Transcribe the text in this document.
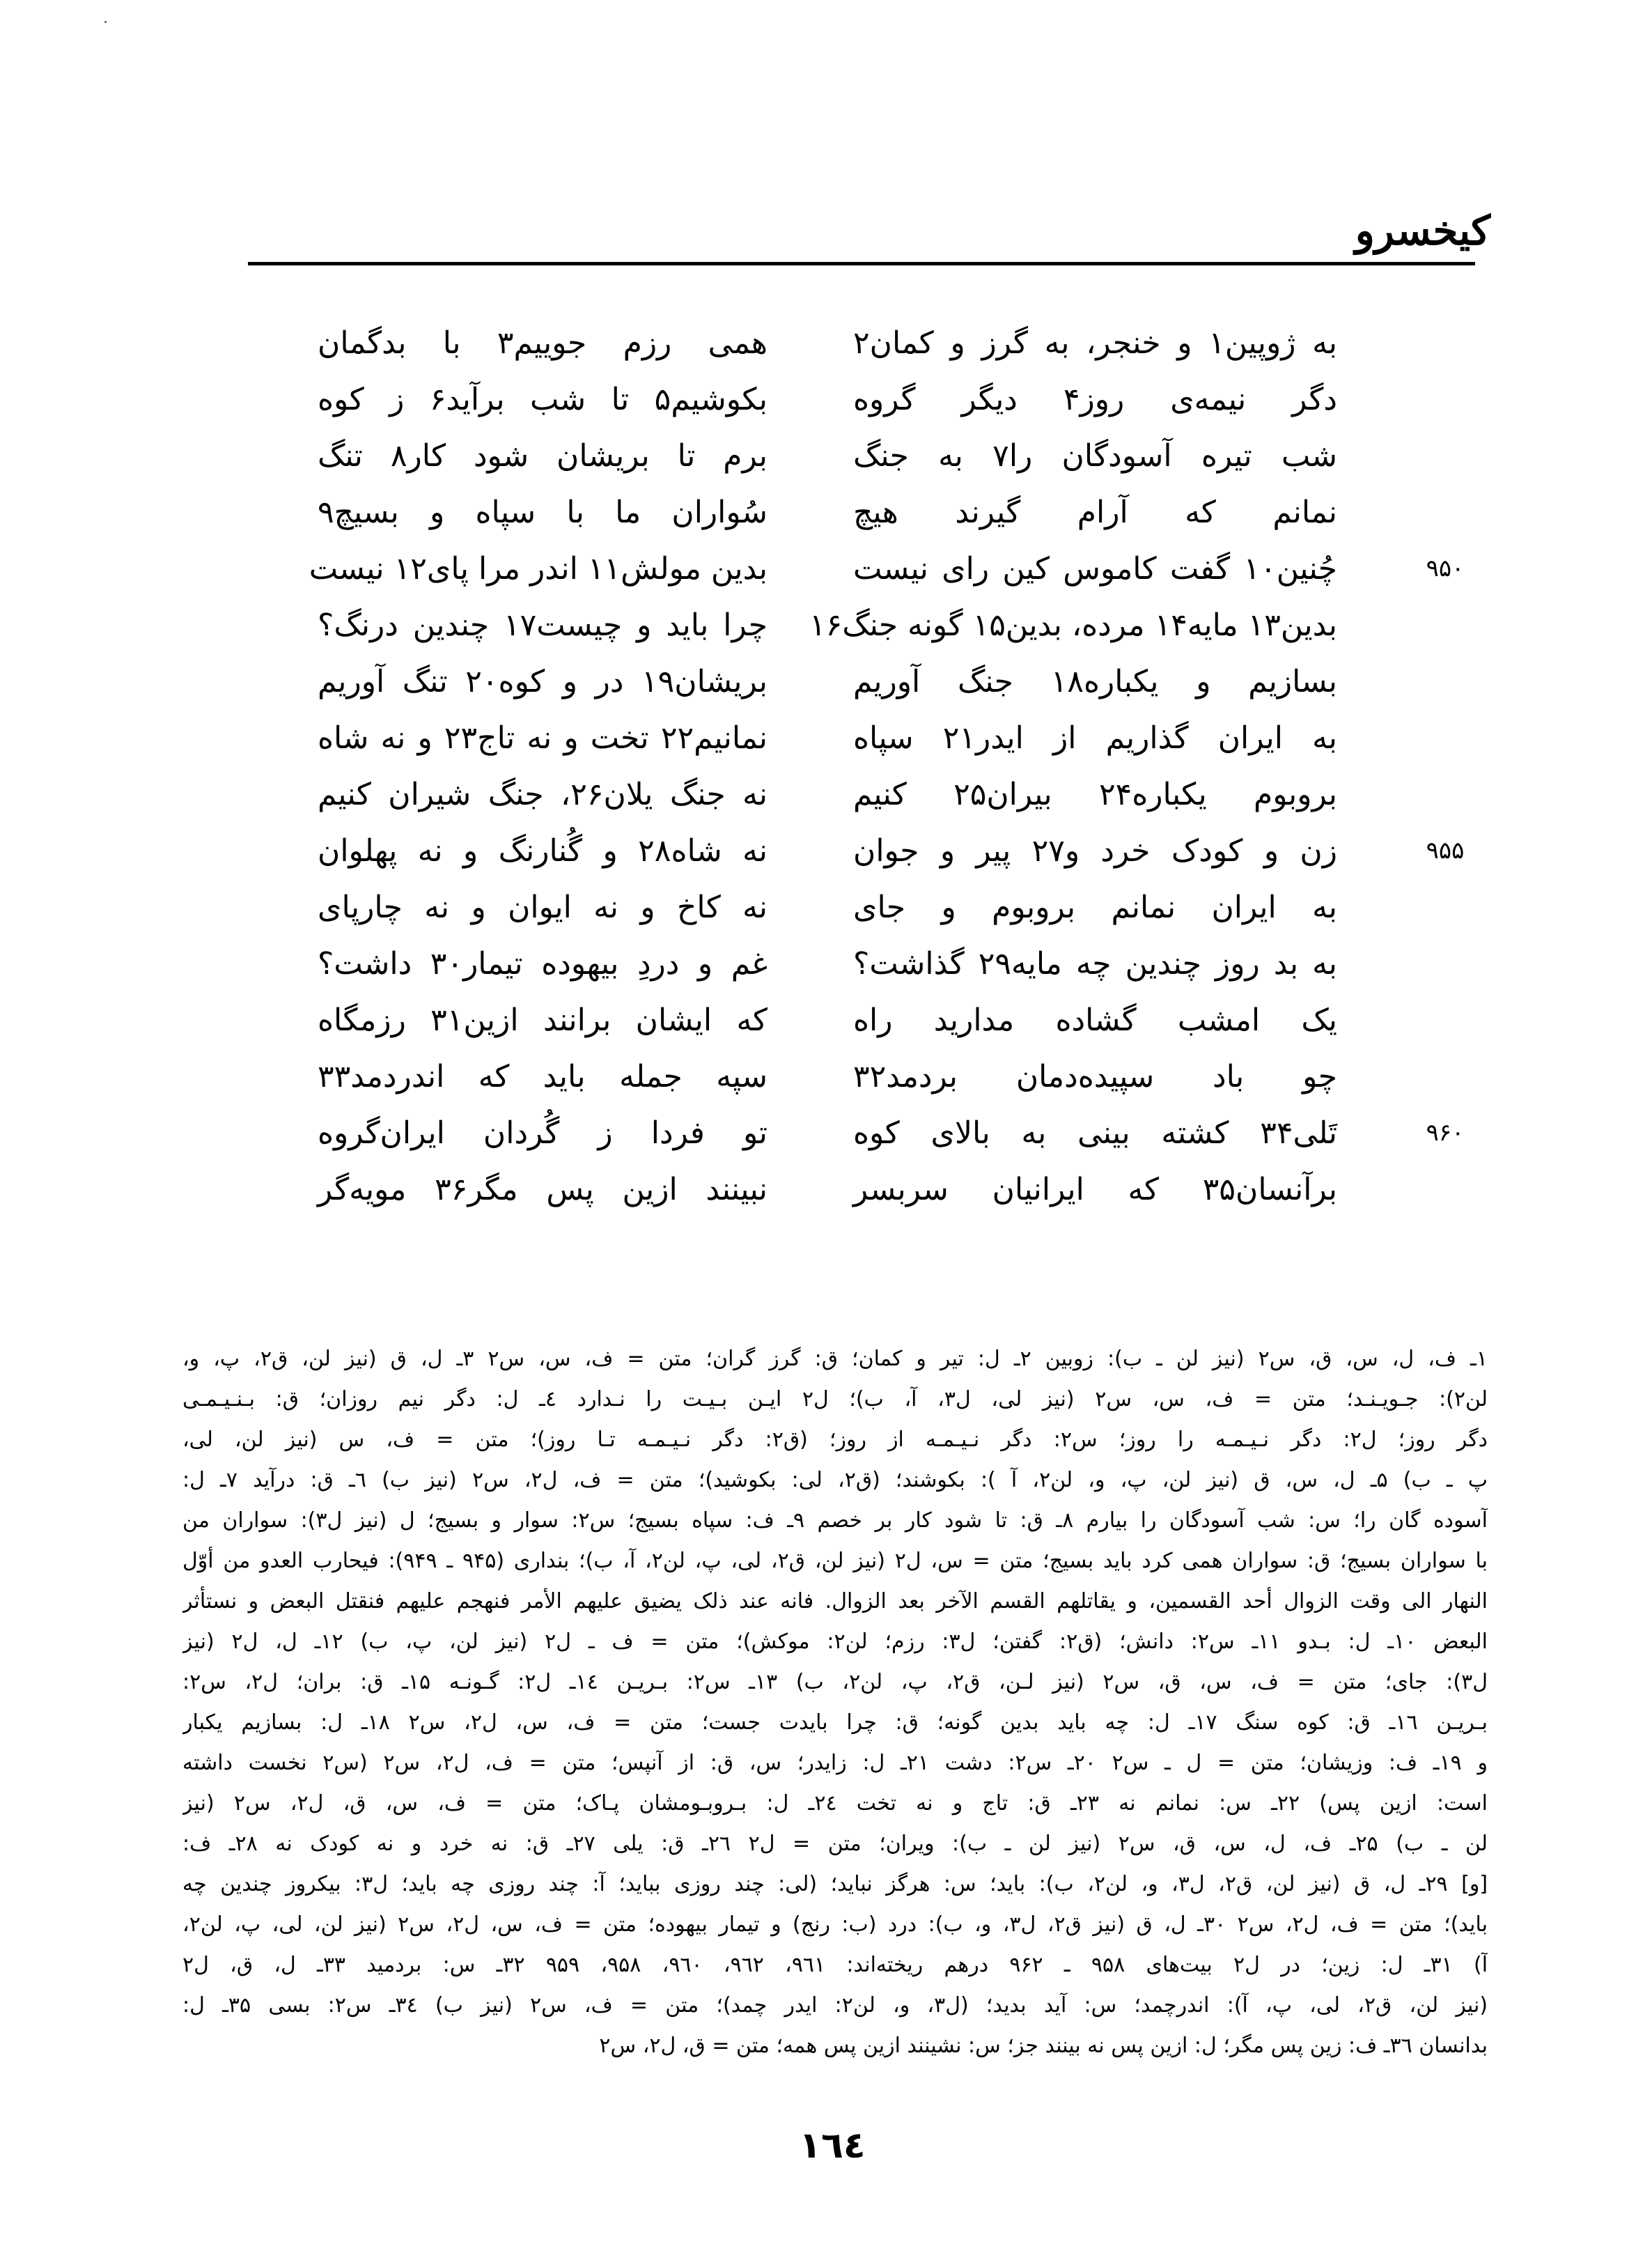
کیخسرو
به ژوپین۱ و خنجر، به گرز و کمان۲
همی رزم جوییم۳ با بدگمان
دگر نیمه‌ی روز۴ دیگر گروه
بکوشیم۵ تا شب برآید۶ ز کوه
شب تیره آسودگان را۷ به جنگ
برم تا بریشان شود کار۸ تنگ
نمانم که آرام گیرند هیچ
سُواران ما با سپاه و بسیچ۹
چُنین۱۰ گفت کاموس کین رای نیست
بدین مولش۱۱ اندر مرا پای۱۲ نیست	۹۵۰
بدین۱۳ مایه۱۴ مرده، بدین۱۵ گونه جنگ۱۶
چرا باید و چیست۱۷ چندین درنگ؟
بسازیم و یکباره۱۸ جنگ آوریم
بریشان۱۹ در و کوه۲۰ تنگ آوریم
به ایران گذاریم از ایدر۲۱ سپاه
نمانیم۲۲ تخت و نه تاج۲۳ و نه شاه
بروبوم یکباره۲۴ بیران۲۵ کنیم
نه جنگ یلان۲۶، جنگ شیران کنیم
زن و کودک خرد و۲۷ پیر و جوان
نه شاه۲۸ و گُنارنگ و نه پهلوان	۹۵۵
به ایران نمانم بروبوم و جای
نه کاخ و نه ایوان و نه چارپای
به بد روز چندین چه مایه۲۹ گذاشت؟
غم و دردِ بیهوده تیمار۳۰ داشت؟
یک امشب گشاده مدارید راه
که ایشان برانند ازین۳۱ رزمگاه
چو باد سپیده‌دمان بردمد۳۲
سپه جمله باید که اندردمد۳۳
تَلی۳۴ کشته بینی به بالای کوه
تو فردا ز گُردان ایران‌گروه	۹۶۰
برآنسان۳۵ که ایرانیان سربسر
نبینند ازین پس مگر۳۶ مویه‌گر
۱ـ ف، ل، س، ق، س۲ (نیز لن ـ ب): زوبین ۲ـ ل: تیر و کمان؛ ق: گرز گران؛ متن = ف، س، س۲ ۳ـ ل، ق (نیز لن، ق۲، پ، و،
لن۲): جـویـنـد؛ متن = ف، س، س۲ (نیز لی، ل۳، آ، ب)؛ ل۲ ایـن بـیـت را نـدارد ٤ـ ل: دگر نیم روزان؛ ق: بـنـیـمـی
دگر روز؛ ل۲: دگر نـیـمـه را روز؛ س۲: دگر نـیـمـه از روز؛ (ق۲: دگر نـیـمـه تـا روز)؛ متن = ف، س (نیز لن، لی،
پ ـ ب) ۵ـ ل، س، ق (نیز لن، پ، و، لن۲، آ ): بکوشند؛ (ق۲، لی: بکوشید)؛ متن = ف، ل۲، س۲ (نیز ب) ٦ـ ق: درآید ۷ـ ل:
آسوده گان را؛ س: شب آسودگان را بیارم ۸ـ ق: تا شود کار بر خصم ۹ـ ف: سپاه بسیج؛ س۲: سوار و بسیج؛ ل (نیز ل۳): سواران من
با سواران بسیج؛ ق: سواران همی کرد باید بسیج؛ متن = س، ل۲ (نیز لن، ق۲، لی، پ، لن۲، آ، ب)؛ بنداری (۹۴۵ ـ ۹۴۹): فیحارب العدو من أوّل
النهار الی وقت الزوال أحد القسمین، و یقاتلهم القسم الآخر بعد الزوال. فانه عند ذلک یضیق علیهم الأمر فنهجم علیهم فنقتل البعض و نستأثر
البعض ۱۰ـ ل: بـدو ۱۱ـ س۲: دانش؛ (ق۲: گفتن؛ ل۳: رزم؛ لن۲: موکش)؛ متن = ف ـ ل۲ (نیز لن، پ، ب) ۱۲ـ ل، ل۲ (نیز
ل۳): جای؛ متن = ف، س، ق، س۲ (نیز لـن، ق۲، پ، لن۲، ب) ۱۳ـ س۲: بـریـن ۱٤ـ ل۲: گـونـه ۱۵ـ ق: بران؛ ل۲، س۲:
بـریـن ۱٦ـ ق: کوه سنگ ۱۷ـ ل: چه باید بدین گونه؛ ق: چرا بایدت جست؛ متن = ف، س، ل۲، س۲ ۱۸ـ ل: بسازیم یکبار
و ۱۹ـ ف: وزیشان؛ متن = ل ـ س۲ ۲۰ـ س۲: دشت ۲۱ـ ل: زایدر؛ س، ق: از آنپس؛ متن = ف، ل۲، س۲ (س۲ نخست داشته
است: ازین پس) ۲۲ـ س: نمانم نه ۲۳ـ ق: تاج و نه تخت ۲٤ـ ل: بـروبـومشان پـاک؛ متن = ف، س، ق، ل۲، س۲ (نیز
لن ـ ب) ۲۵ـ ف، ل، س، ق، س۲ (نیز لن ـ ب): ویران؛ متن = ل۲ ۲٦ـ ق: یلی ۲۷ـ ق: نه خرد و نه کودک نه ۲۸ـ ف:
[و] ۲۹ـ ل، ق (نیز لن، ق۲، ل۳، و، لن۲، ب): باید؛ س: هرگز نباید؛ (لی: چند روزی بباید؛ آ: چند روزی چه باید؛ ل۳: بیکروز چندین چه
باید)؛ متن = ف، ل۲، س۲ ۳۰ـ ل، ق (نیز ق۲، ل۳، و، ب): درد (ب: رنج) و تیمار بیهوده؛ متن = ف، س، ل۲، س۲ (نیز لن، لی، پ، لن۲،
آ) ۳۱ـ ل: زین؛ در ل۲ بیت‌های ۹۵۸ ـ ۹۶۲ درهم ریخته‌اند: ۹٦۱، ۹٦۲، ۹٦۰، ۹۵۸، ۹۵۹ ۳۲ـ س: بردمید ۳۳ـ ل، ق، ل۲
(نیز لن، ق۲، لی، پ، آ): اندرچمد؛ س: آید بدید؛ (ل۳، و، لن۲: ایدر چمد)؛ متن = ف، س۲ (نیز ب) ۳٤ـ س۲: بسی ۳۵ـ ل:
بدانسان ۳٦ـ ف: زین پس مگر؛ ل: ازین پس نه بینند جز؛ س: نشینند ازین پس همه؛ متن = ق، ل۲، س۲
۱٦٤
